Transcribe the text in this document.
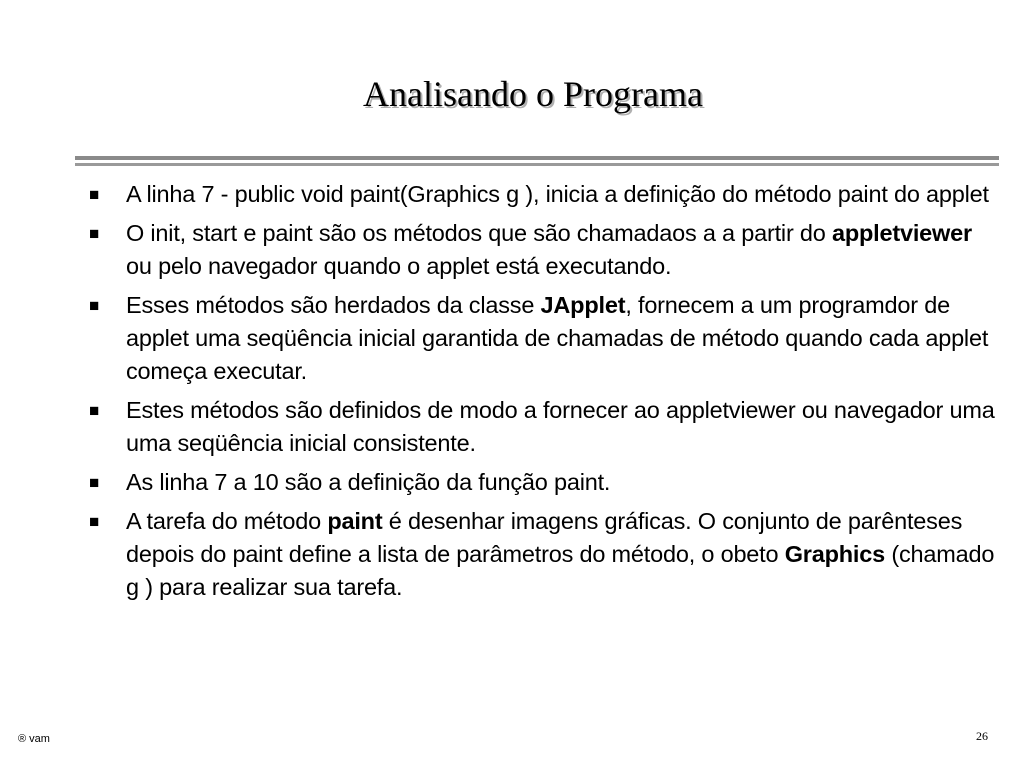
Analisando o Programa
■ A linha 7 - public void paint(Graphics g ), inicia a definição do método paint do applet
■ O init, start e paint são os métodos que são chamadaos a a partir do appletviewer ou pelo navegador quando o applet está executando.
■ Esses métodos são herdados da classe JApplet, fornecem a um programdor de applet uma seqüência inicial garantida de chamadas de método quando cada applet começa executar.
■ Estes métodos são definidos de modo a fornecer ao appletviewer ou navegador uma uma seqüência inicial consistente.
■ As linha 7 a 10 são a definição da função paint.
■ A tarefa do método paint é desenhar imagens gráficas. O conjunto de parênteses depois do paint define a lista de parâmetros do método, o obeto Graphics (chamado g ) para realizar sua tarefa.
® vam	26
